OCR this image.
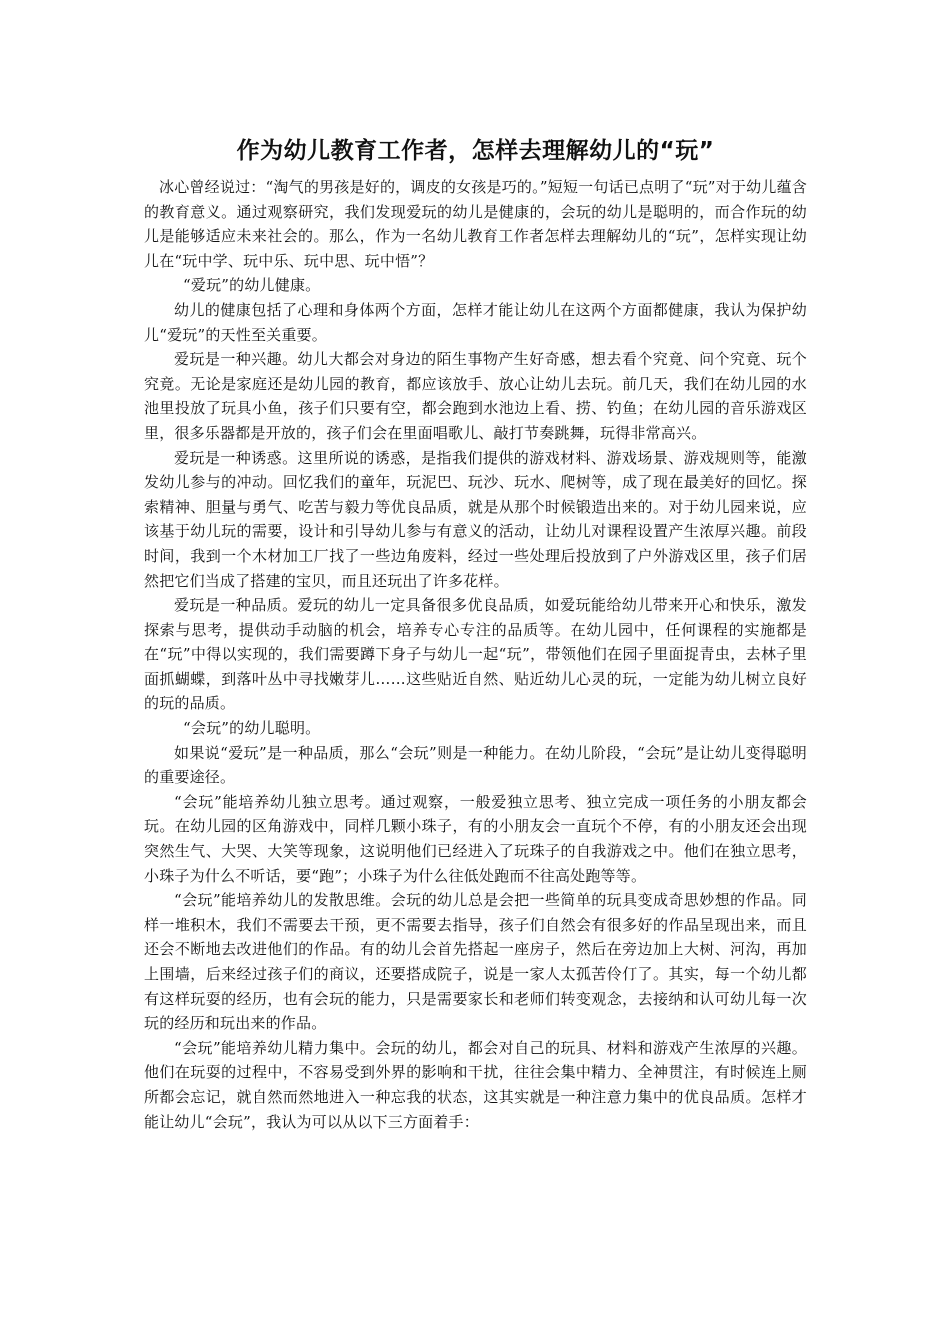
作为幼儿教育工作者，怎样去理解幼儿的“玩”

冰心曾经说过：“淘气的男孩是好的，调皮的女孩是巧的。”短短一句话已点明了“玩”对于幼儿蕴含的教育意义。通过观察研究，我们发现爱玩的幼儿是健康的，会玩的幼儿是聪明的，而合作玩的幼儿是能够适应未来社会的。那么，作为一名幼儿教育工作者怎样去理解幼儿的“玩”，怎样实现让幼儿在“玩中学、玩中乐、玩中思、玩中悟”？

“爱玩”的幼儿健康。

幼儿的健康包括了心理和身体两个方面，怎样才能让幼儿在这两个方面都健康，我认为保护幼儿“爱玩”的天性至关重要。

爱玩是一种兴趣。幼儿大都会对身边的陌生事物产生好奇感，想去看个究竟、问个究竟、玩个究竟。无论是家庭还是幼儿园的教育，都应该放手、放心让幼儿去玩。前几天，我们在幼儿园的水池里投放了玩具小鱼，孩子们只要有空，都会跑到水池边上看、捞、钓鱼；在幼儿园的音乐游戏区里，很多乐器都是开放的，孩子们会在里面唱歌儿、敲打节奏跳舞，玩得非常高兴。

爱玩是一种诱惑。这里所说的诱惑，是指我们提供的游戏材料、游戏场景、游戏规则等，能激发幼儿参与的冲动。回忆我们的童年，玩泥巴、玩沙、玩水、爬树等，成了现在最美好的回忆。探索精神、胆量与勇气、吃苦与毅力等优良品质，就是从那个时候锻造出来的。对于幼儿园来说，应该基于幼儿玩的需要，设计和引导幼儿参与有意义的活动，让幼儿对课程设置产生浓厚兴趣。前段时间，我到一个木材加工厂找了一些边角废料，经过一些处理后投放到了户外游戏区里，孩子们居然把它们当成了搭建的宝贝，而且还玩出了许多花样。

爱玩是一种品质。爱玩的幼儿一定具备很多优良品质，如爱玩能给幼儿带来开心和快乐，激发探索与思考，提供动手动脑的机会，培养专心专注的品质等。在幼儿园中，任何课程的实施都是在“玩”中得以实现的，我们需要蹲下身子与幼儿一起“玩”，带领他们在园子里面捉青虫，去林子里面抓蝴蝶，到落叶丛中寻找嫩芽儿……这些贴近自然、贴近幼儿心灵的玩，一定能为幼儿树立良好的玩的品质。

“会玩”的幼儿聪明。

如果说“爱玩”是一种品质，那么“会玩”则是一种能力。在幼儿阶段，“会玩”是让幼儿变得聪明的重要途径。

“会玩”能培养幼儿独立思考。通过观察，一般爱独立思考、独立完成一项任务的小朋友都会玩。在幼儿园的区角游戏中，同样几颗小珠子，有的小朋友会一直玩个不停，有的小朋友还会出现突然生气、大哭、大笑等现象，这说明他们已经进入了玩珠子的自我游戏之中。他们在独立思考，小珠子为什么不听话，要“跑”；小珠子为什么往低处跑而不往高处跑等等。

“会玩”能培养幼儿的发散思维。会玩的幼儿总是会把一些简单的玩具变成奇思妙想的作品。同样一堆积木，我们不需要去干预，更不需要去指导，孩子们自然会有很多好的作品呈现出来，而且还会不断地去改进他们的作品。有的幼儿会首先搭起一座房子，然后在旁边加上大树、河沟，再加上围墙，后来经过孩子们的商议，还要搭成院子，说是一家人太孤苦伶仃了。其实，每一个幼儿都有这样玩耍的经历，也有会玩的能力，只是需要家长和老师们转变观念，去接纳和认可幼儿每一次玩的经历和玩出来的作品。

“会玩”能培养幼儿精力集中。会玩的幼儿，都会对自己的玩具、材料和游戏产生浓厚的兴趣。他们在玩耍的过程中，不容易受到外界的影响和干扰，往往会集中精力、全神贯注，有时候连上厕所都会忘记，就自然而然地进入一种忘我的状态，这其实就是一种注意力集中的优良品质。怎样才能让幼儿“会玩”，我认为可以从以下三方面着手：
